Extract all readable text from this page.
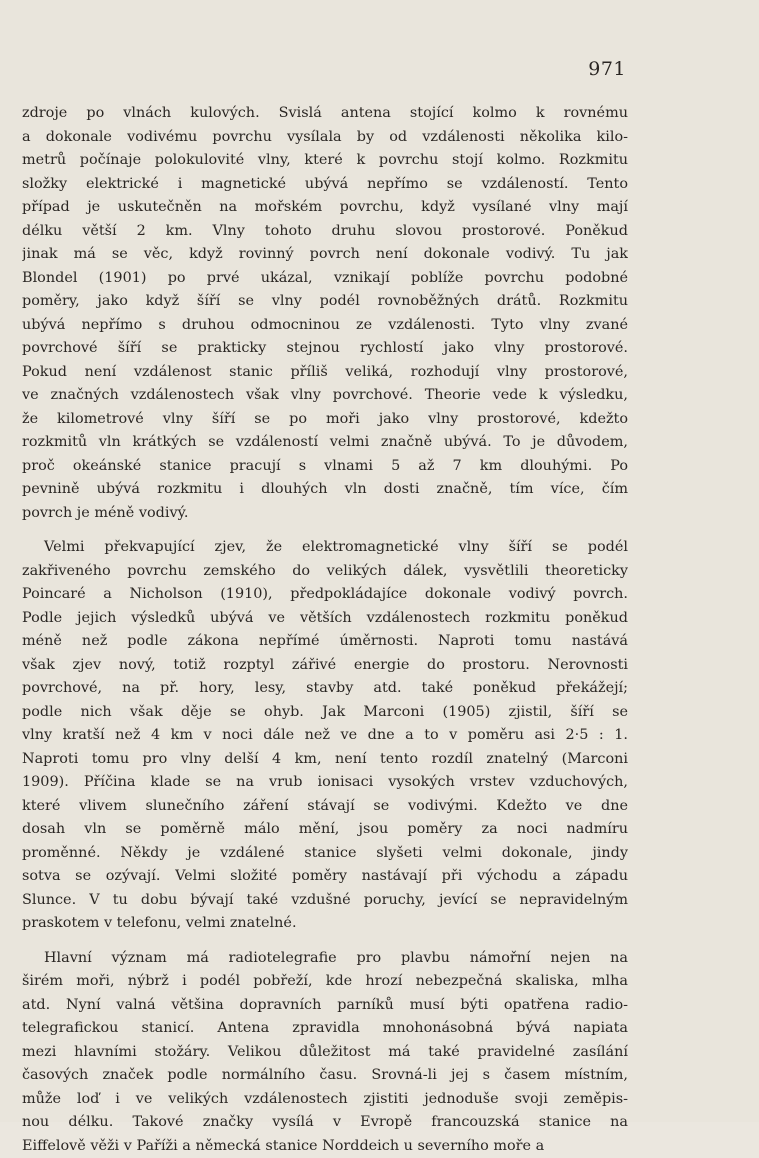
971
zdroje po vlnách kulových. Svislá antena stojící kolmo k rovnému
a dokonale vodivému povrchu vysílala by od vzdálenosti několika kilo-
metrů počínaje polokulovité vlny, které k povrchu stojí kolmo. Rozkmitu
složky elektrické i magnetické ubývá nepřímo se vzdáleností. Tento
případ je uskutečněn na mořském povrchu, když vysílané vlny mají
délku větší 2 km. Vlny tohoto druhu slovou prostorové. Poněkud
jinak má se věc, když rovinný povrch není dokonale vodivý. Tu jak
Blondel (1901) po prvé ukázal, vznikají poblíže povrchu podobné
poměry, jako když šíří se vlny podél rovnoběžných drátů. Rozkmitu
ubývá nepřímo s druhou odmocninou ze vzdálenosti. Tyto vlny zvané
povrchové šíří se prakticky stejnou rychlostí jako vlny prostorové.
Pokud není vzdálenost stanic příliš veliká, rozhodují vlny prostorové,
ve značných vzdálenostech však vlny povrchové. Theorie vede k výsledku,
že kilometrové vlny šíří se po moři jako vlny prostorové, kdežto
rozkmitů vln krátkých se vzdáleností velmi značně ubývá. To je důvodem,
proč okeánské stanice pracují s vlnami 5 až 7 km dlouhými. Po
pevnině ubývá rozkmitu i dlouhých vln dosti značně, tím více, čím
povrch je méně vodivý.
Velmi překvapující zjev, že elektromagnetické vlny šíří se podél
zakřiveného povrchu zemského do velikých dálek, vysvětlili theoreticky
Poincaré a Nicholson (1910), předpokládajíce dokonale vodivý povrch.
Podle jejich výsledků ubývá ve větších vzdálenostech rozkmitu poněkud
méně než podle zákona nepřímé úměrnosti. Naproti tomu nastává
však zjev nový, totiž rozptyl zářivé energie do prostoru. Nerovnosti
povrchové, na př. hory, lesy, stavby atd. také poněkud překážejí;
podle nich však děje se ohyb. Jak Marconi (1905) zjistil, šíří se
vlny kratší než 4 km v noci dále než ve dne a to v poměru asi 2·5 : 1.
Naproti tomu pro vlny delší 4 km, není tento rozdíl znatelný (Marconi
1909). Příčina klade se na vrub ionisaci vysokých vrstev vzduchových,
které vlivem slunečního záření stávají se vodivými. Kdežto ve dne
dosah vln se poměrně málo mění, jsou poměry za noci nadmíru
proměnné. Někdy je vzdálené stanice slyšeti velmi dokonale, jindy
sotva se ozývají. Velmi složité poměry nastávají při východu a západu
Slunce. V tu dobu bývají také vzdušné poruchy, jevící se nepravidelným
praskotem v telefonu, velmi znatelné.
Hlavní význam má radiotelegrafie pro plavbu námořní nejen na
širém moři, nýbrž i podél pobřeží, kde hrozí nebezpečná skaliska, mlha
atd. Nyní valná většina dopravních parníků musí býti opatřena radio-
telegrafickou stanicí. Antena zpravidla mnohonásobná bývá napiata
mezi hlavními stožáry. Velikou důležitost má také pravidelné zasílání
časových značek podle normálního času. Srovná-li jej s časem místním,
může loď i ve velikých vzdálenostech zjistiti jednoduše svoji zeměpis-
nou délku. Takové značky vysílá v Evropě francouzská stanice na
Eiffelově věži v Paříži a německá stanice Norddeich u severního moře a
